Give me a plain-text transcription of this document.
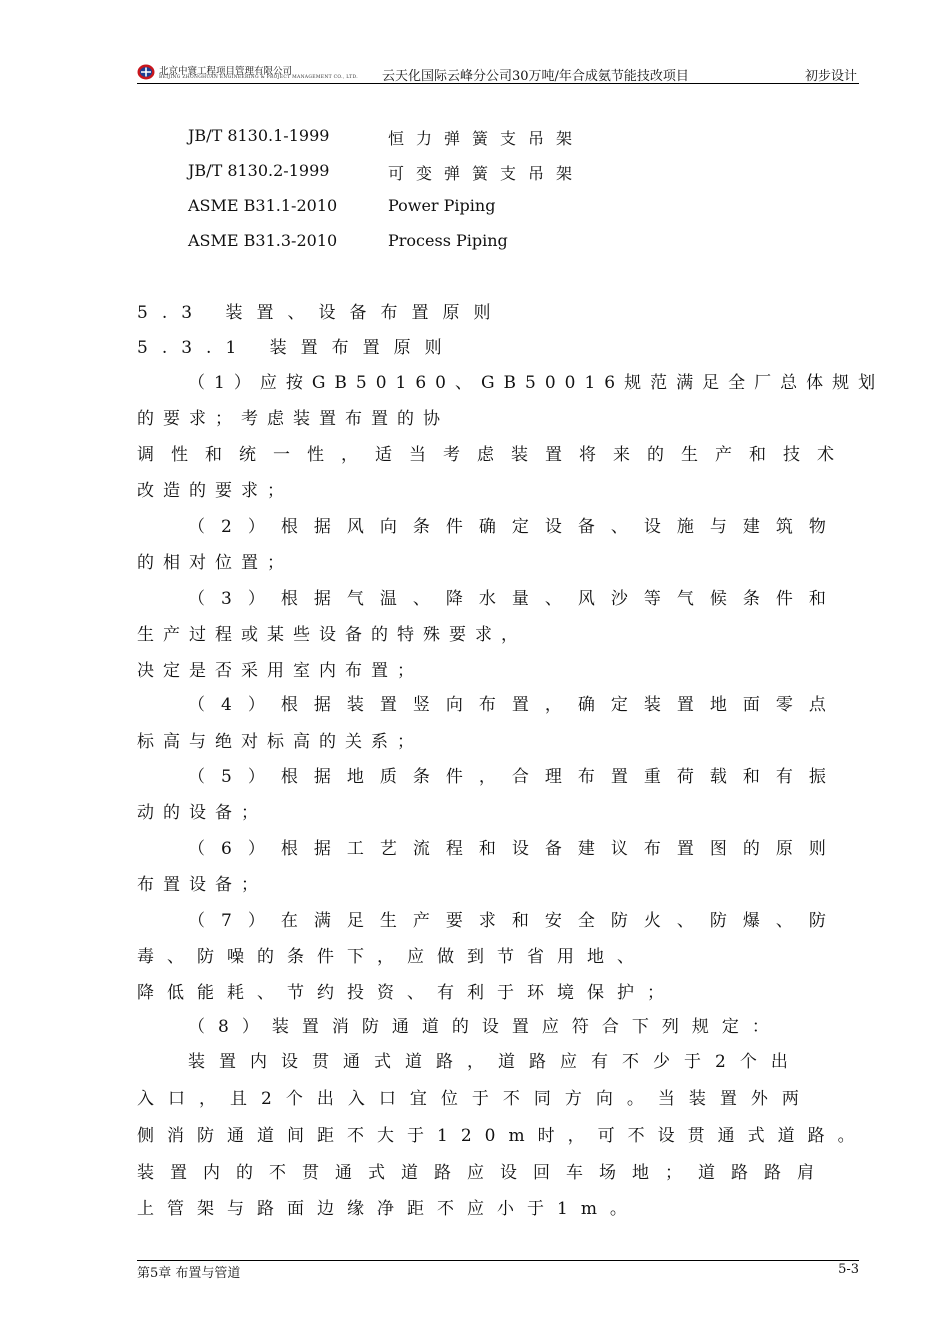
北京中寰工程项目管理有限公司
BEIJING ZHONGHUAN ENGINEERING & PROJECT MANAGEMENT CO., LTD. 云天化国际云峰分公司30万吨/年合成氨节能技改项目	初步设计
JB/T 8130.1-1999	恒力弹簧支吊架
JB/T 8130.2-1999	可变弹簧支吊架
ASME B31.1-2010	Power Piping
ASME B31.3-2010	Process Piping
5.3 装置、设备布置原则
5.3.1 装置布置原则
（1）应按GB50160、GB50016规范满足全厂总体规划
的要求；考虑装置布置的协
调性和统一性，适当考虑装置将来的生产和技术
改造的要求；
（2）根据风向条件确定设备、设施与建筑物
的相对位置；
（3）根据气温、降水量、风沙等气候条件和
生产过程或某些设备的特殊要求，
决定是否采用室内布置；
（4）根据装置竖向布置，确定装置地面零点
标高与绝对标高的关系；
（5）根据地质条件，合理布置重荷载和有振
动的设备；
（6）根据工艺流程和设备建议布置图的原则
布置设备；
（7）在满足生产要求和安全防火、防爆、防
毒、防噪的条件下，应做到节省用地、
降低能耗、节约投资、有利于环境保护；
（8）装置消防通道的设置应符合下列规定：
装置内设贯通式道路，道路应有不少于2个出
入口，且2个出入口宜位于不同方向。当装置外两
侧消防通道间距不大于120m时，可不设贯通式道路。
装置内的不贯通式道路应设回车场地；道路路肩
上管架与路面边缘净距不应小于1m。
第5章 布置与管道	5-3
